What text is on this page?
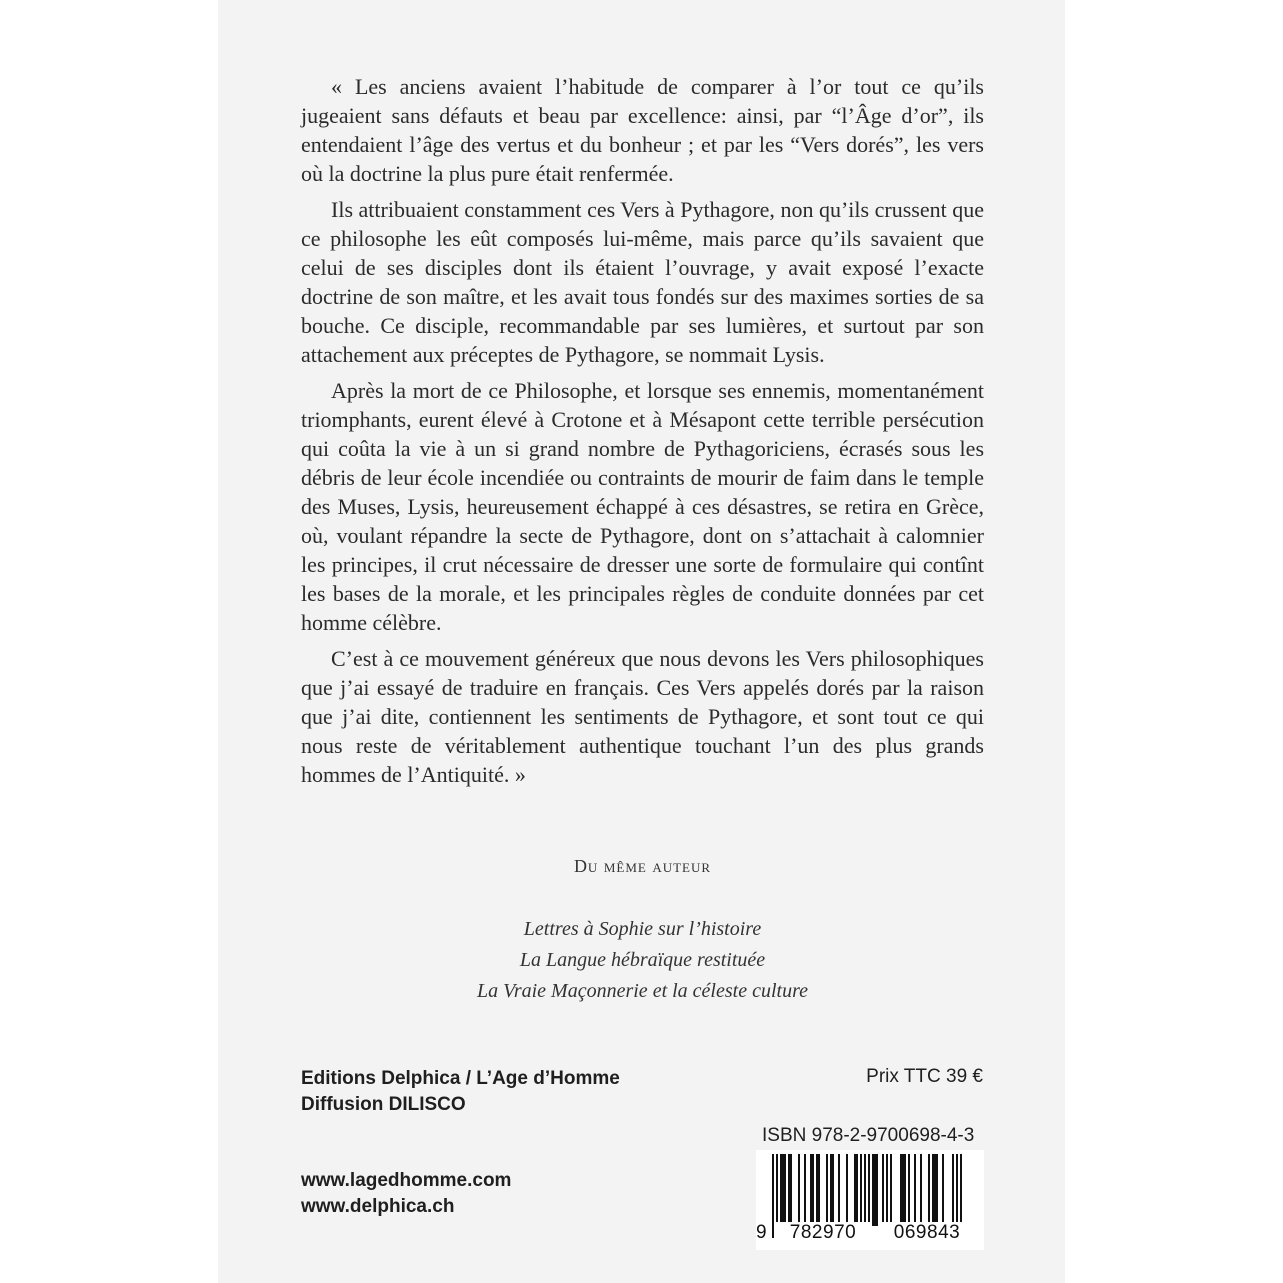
« Les anciens avaient l’habitude de comparer à l’or tout ce qu’ils jugeaient sans défauts et beau par excellence: ainsi, par “l’Âge d’or”, ils entendaient l’âge des vertus et du bonheur ; et par les “Vers dorés”, les vers où la doctrine la plus pure était renfermée.

Ils attribuaient constamment ces Vers à Pythagore, non qu’ils crussent que ce philosophe les eût composés lui-même, mais parce qu’ils savaient que celui de ses disciples dont ils étaient l’ouvrage, y avait exposé l’exacte doctrine de son maître, et les avait tous fondés sur des maximes sorties de sa bouche. Ce disciple, recommandable par ses lumières, et surtout par son attachement aux préceptes de Pythagore, se nommait Lysis.

Après la mort de ce Philosophe, et lorsque ses ennemis, momentanément triomphants, eurent élevé à Crotone et à Mésapont cette terrible persécution qui coûta la vie à un si grand nombre de Pythagoriciens, écrasés sous les débris de leur école incendiée ou contraints de mourir de faim dans le temple des Muses, Lysis, heureusement échappé à ces désastres, se retira en Grèce, où, voulant répandre la secte de Pythagore, dont on s’attachait à calomnier les principes, il crut nécessaire de dresser une sorte de formulaire qui contînt les bases de la morale, et les principales règles de conduite données par cet homme célèbre.

C’est à ce mouvement généreux que nous devons les Vers philosophiques que j’ai essayé de traduire en français. Ces Vers appelés dorés par la raison que j’ai dite, contiennent les sentiments de Pythagore, et sont tout ce qui nous reste de véritablement authentique touchant l’un des plus grands hommes de l’Antiquité. »

Du même auteur
Lettres à Sophie sur l’histoire
La Langue hébraïque restituée
La Vraie Maçonnerie et la céleste culture
Editions Delphica / L’Age d’Homme
Diffusion DILISCO
www.lagedhomme.com
www.delphica.ch
Prix TTC 39 €
ISBN 978-2-9700698-4-3
9	782970	069843
